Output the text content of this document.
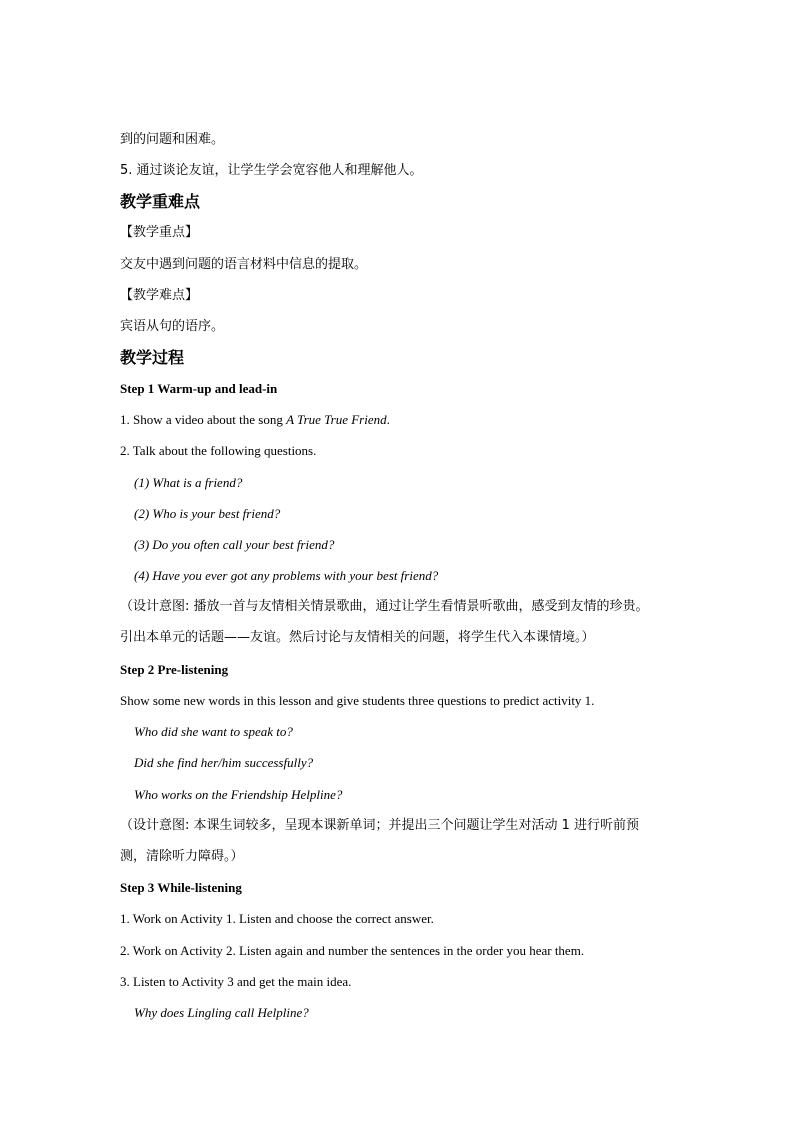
到的问题和困难。
5. 通过谈论友谊，让学生学会宽容他人和理解他人。
教学重难点
【教学重点】
交友中遇到问题的语言材料中信息的提取。
【教学难点】
宾语从句的语序。
教学过程
Step 1 Warm-up and lead-in
1. Show a video about the song A True True Friend.
2. Talk about the following questions.
(1) What is a friend?
(2) Who is your best friend?
(3) Do you often call your best friend?
(4) Have you ever got any problems with your best friend?
（设计意图: 播放一首与友情相关情景歌曲，通过让学生看情景听歌曲，感受到友情的珍贵。
引出本单元的话题——友谊。然后讨论与友情相关的问题，将学生代入本课情境。）
Step 2 Pre-listening
Show some new words in this lesson and give students three questions to predict activity 1.
Who did she want to speak to?
Did she find her/him successfully?
Who works on the Friendship Helpline?
（设计意图: 本课生词较多，呈现本课新单词；并提出三个问题让学生对活动 1 进行听前预
测，清除听力障碍。）
Step 3 While-listening
1. Work on Activity 1. Listen and choose the correct answer.
2. Work on Activity 2. Listen again and number the sentences in the order you hear them.
3. Listen to Activity 3 and get the main idea.
Why does Lingling call Helpline?
